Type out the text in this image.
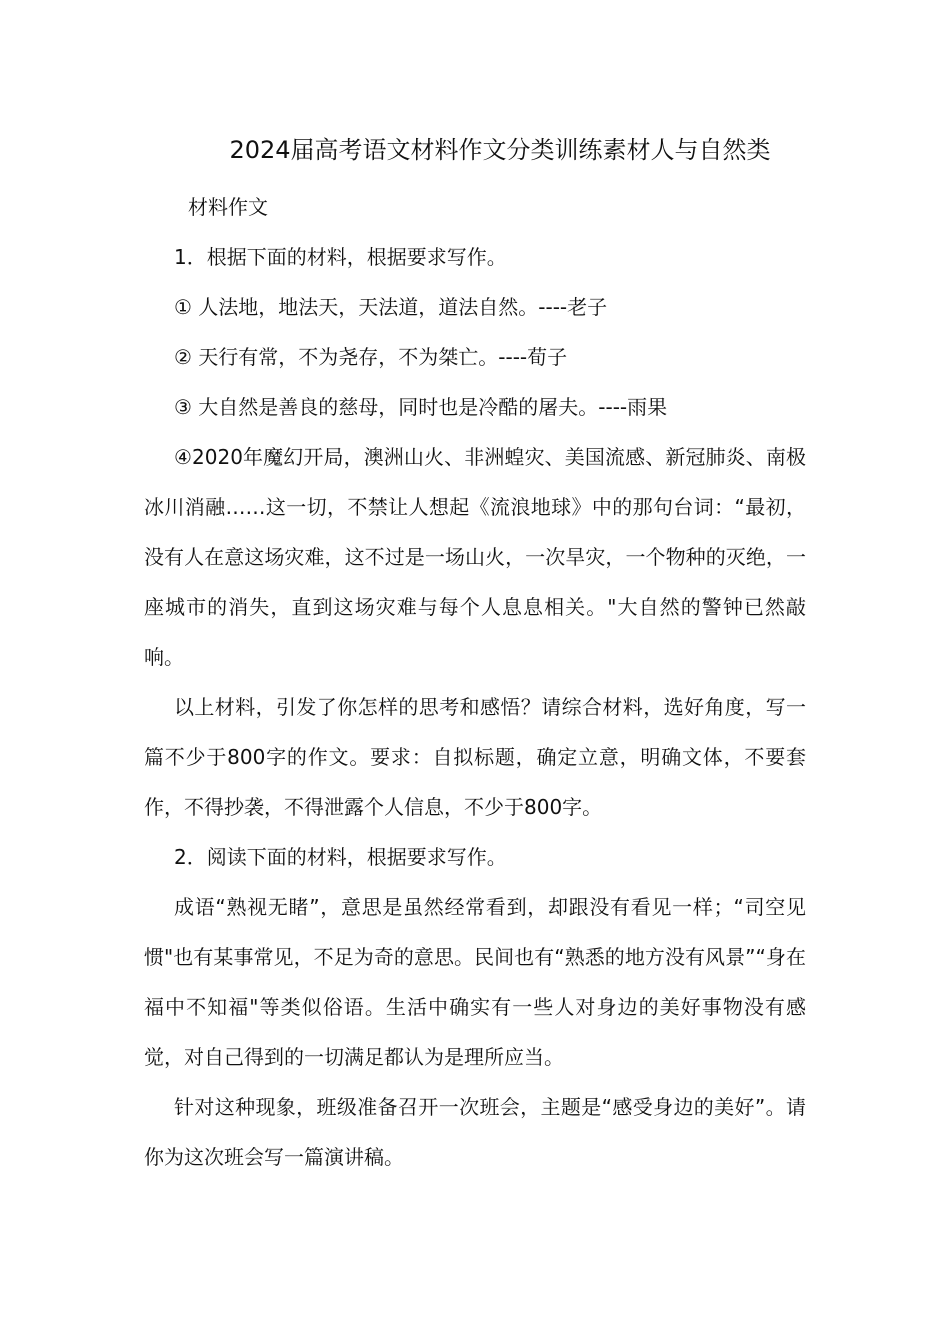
2024届高考语文材料作文分类训练素材人与自然类

材料作文

1．根据下面的材料，根据要求写作。

① 人法地，地法天，天法道，道法自然。----老子

② 天行有常，不为尧存，不为桀亡。----荀子

③ 大自然是善良的慈母，同时也是冷酷的屠夫。----雨果

④2020年魔幻开局，澳洲山火、非洲蝗灾、美国流感、新冠肺炎、南极冰川消融……这一切，不禁让人想起《流浪地球》中的那句台词：“最初，没有人在意这场灾难，这不过是一场山火，一次旱灾，一个物种的灭绝，一座城市的消失，直到这场灾难与每个人息息相关。"大自然的警钟已然敲响。

以上材料，引发了你怎样的思考和感悟？请综合材料，选好角度，写一篇不少于800字的作文。要求：自拟标题，确定立意，明确文体，不要套作，不得抄袭，不得泄露个人信息，不少于800字。

2．阅读下面的材料，根据要求写作。

成语“熟视无睹”，意思是虽然经常看到，却跟没有看见一样；“司空见惯"也有某事常见，不足为奇的意思。民间也有“熟悉的地方没有风景”“身在福中不知福"等类似俗语。生活中确实有一些人对身边的美好事物没有感觉，对自己得到的一切满足都认为是理所应当。

针对这种现象，班级准备召开一次班会，主题是“感受身边的美好”。请你为这次班会写一篇演讲稿。
